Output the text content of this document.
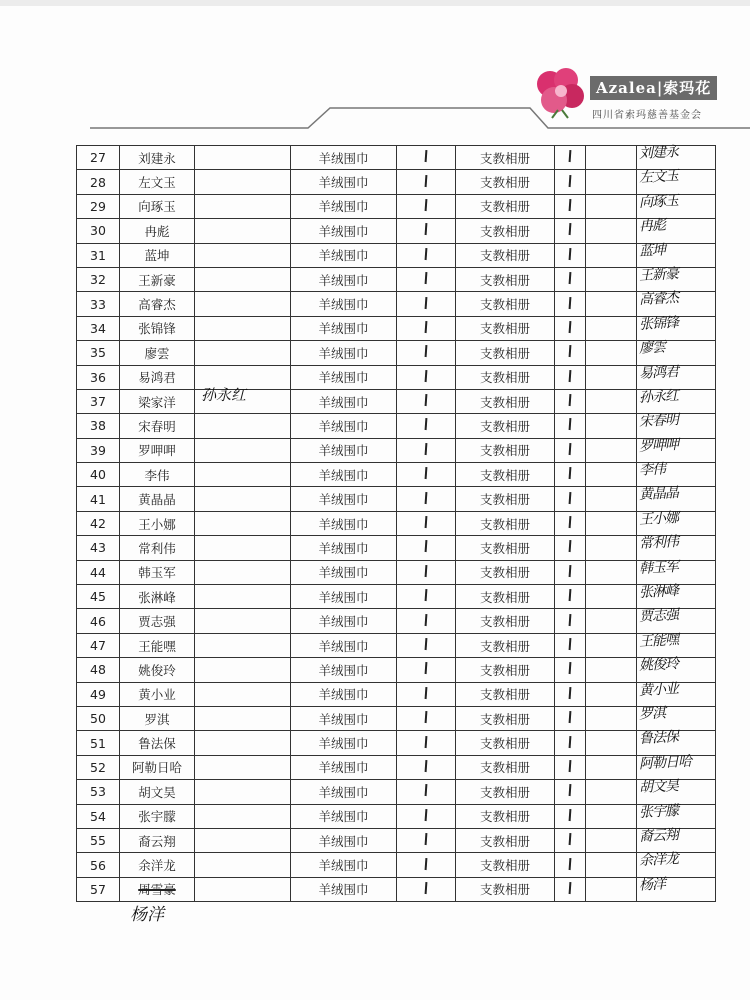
Azalea|索玛花
四川省索玛慈善基金会
27	刘建永		羊绒围巾		支教相册			刘建永

28	左文玉		羊绒围巾		支教相册			左文玉

29	向琢玉		羊绒围巾		支教相册			向琢玉

30	冉彪		羊绒围巾		支教相册			冉彪

31	蓝坤		羊绒围巾		支教相册			蓝坤

32	王新豪		羊绒围巾		支教相册			王新豪

33	高睿杰		羊绒围巾		支教相册			高睿杰

34	张锦锋		羊绒围巾		支教相册			张锦锋

35	廖雲		羊绒围巾		支教相册			廖雲

36	易鸿君		羊绒围巾		支教相册			易鸿君

37	梁家洋	孙永红	羊绒围巾		支教相册			孙永红

38	宋春明		羊绒围巾		支教相册			宋春明

39	罗呷呷		羊绒围巾		支教相册			罗呷呷

40	李伟		羊绒围巾		支教相册			李伟

41	黄晶晶		羊绒围巾		支教相册			黄晶晶

42	王小娜		羊绒围巾		支教相册			王小娜

43	常利伟		羊绒围巾		支教相册			常利伟

44	韩玉军		羊绒围巾		支教相册			韩玉军

45	张淋峰		羊绒围巾		支教相册			张淋峰

46	贾志强		羊绒围巾		支教相册			贾志强

47	王能嘿		羊绒围巾		支教相册			王能嘿

48	姚俊玲		羊绒围巾		支教相册			姚俊玲

49	黄小业		羊绒围巾		支教相册			黄小业

50	罗淇		羊绒围巾		支教相册			罗淇

51	鲁法保		羊绒围巾		支教相册			鲁法保

52	阿勒日哈		羊绒围巾		支教相册			阿勒日哈

53	胡文昊		羊绒围巾		支教相册			胡文昊

54	张宇朦		羊绒围巾		支教相册			张宇朦

55	裔云翔		羊绒围巾		支教相册			裔云翔

56	余洋龙		羊绒围巾		支教相册			余洋龙

57	周雪豪		羊绒围巾		支教相册			杨洋
杨洋
